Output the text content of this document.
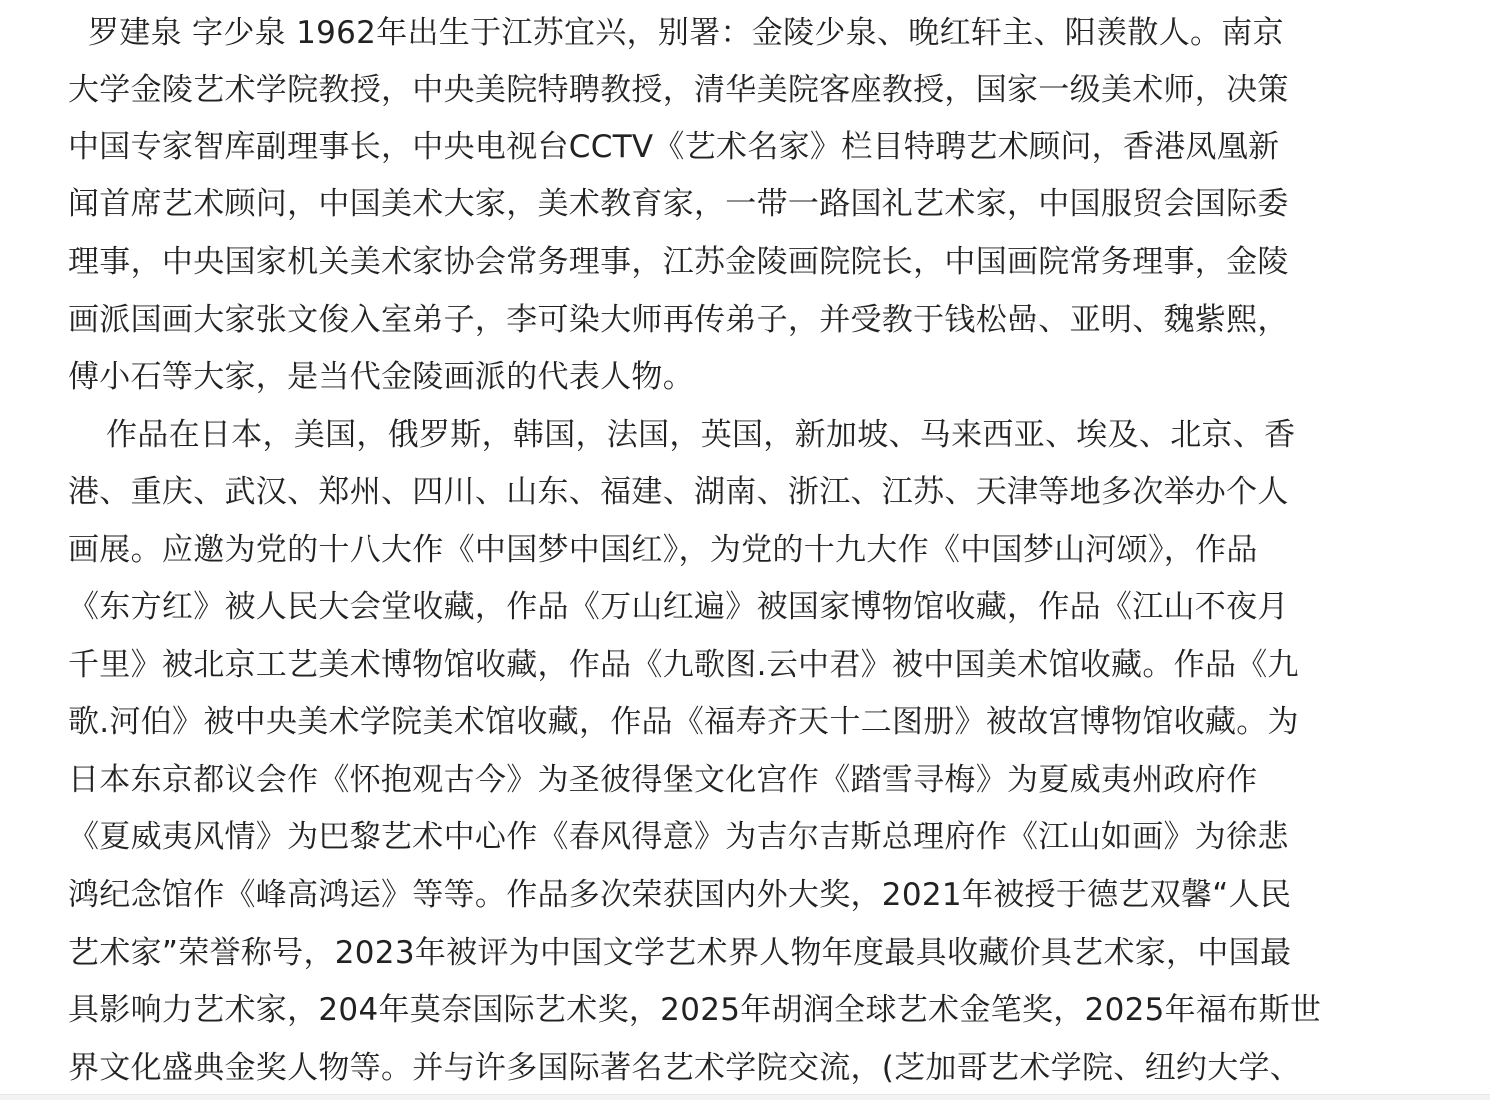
罗建泉 字少泉 1962年出生于江苏宜兴，别署：金陵少泉、晚红轩主、阳羡散人。南京
大学金陵艺术学院教授，中央美院特聘教授，清华美院客座教授，国家一级美术师，决策
中国专家智库副理事长，中央电视台CCTV《艺术名家》栏目特聘艺术顾问，香港凤凰新
闻首席艺术顾问，中国美术大家，美术教育家，一带一路国礼艺术家，中国服贸会国际委
理事，中央国家机关美术家协会常务理事，江苏金陵画院院长，中国画院常务理事，金陵
画派国画大家张文俊入室弟子，李可染大师再传弟子，并受教于钱松喦、亚明、魏紫熙，
傅小石等大家，是当代金陵画派的代表人物。
作品在日本，美国，俄罗斯，韩国，法国，英国，新加坡、马来西亚、埃及、北京、香
港、重庆、武汉、郑州、四川、山东、福建、湖南、浙江、江苏、天津等地多次举办个人
画展。应邀为党的十八大作《中国梦中国红》，为党的十九大作《中国梦山河颂》，作品
《东方红》被人民大会堂收藏，作品《万山红遍》被国家博物馆收藏，作品《江山不夜月
千里》被北京工艺美术博物馆收藏，作品《九歌图.云中君》被中国美术馆收藏。作品《九
歌.河伯》被中央美术学院美术馆收藏，作品《福寿齐天十二图册》被故宫博物馆收藏。为
日本东京都议会作《怀抱观古今》为圣彼得堡文化宫作《踏雪寻梅》为夏威夷州政府作
《夏威夷风情》为巴黎艺术中心作《春风得意》为吉尔吉斯总理府作《江山如画》为徐悲
鸿纪念馆作《峰高鸿运》等等。作品多次荣获国内外大奖，2021年被授于德艺双馨“人民
艺术家”荣誉称号，2023年被评为中国文学艺术界人物年度最具收藏价具艺术家，中国最
具影响力艺术家，204年莫奈国际艺术奖，2025年胡润全球艺术金笔奖，2025年福布斯世
界文化盛典金奖人物等。并与许多国际著名艺术学院交流，(芝加哥艺术学院、纽约大学、
